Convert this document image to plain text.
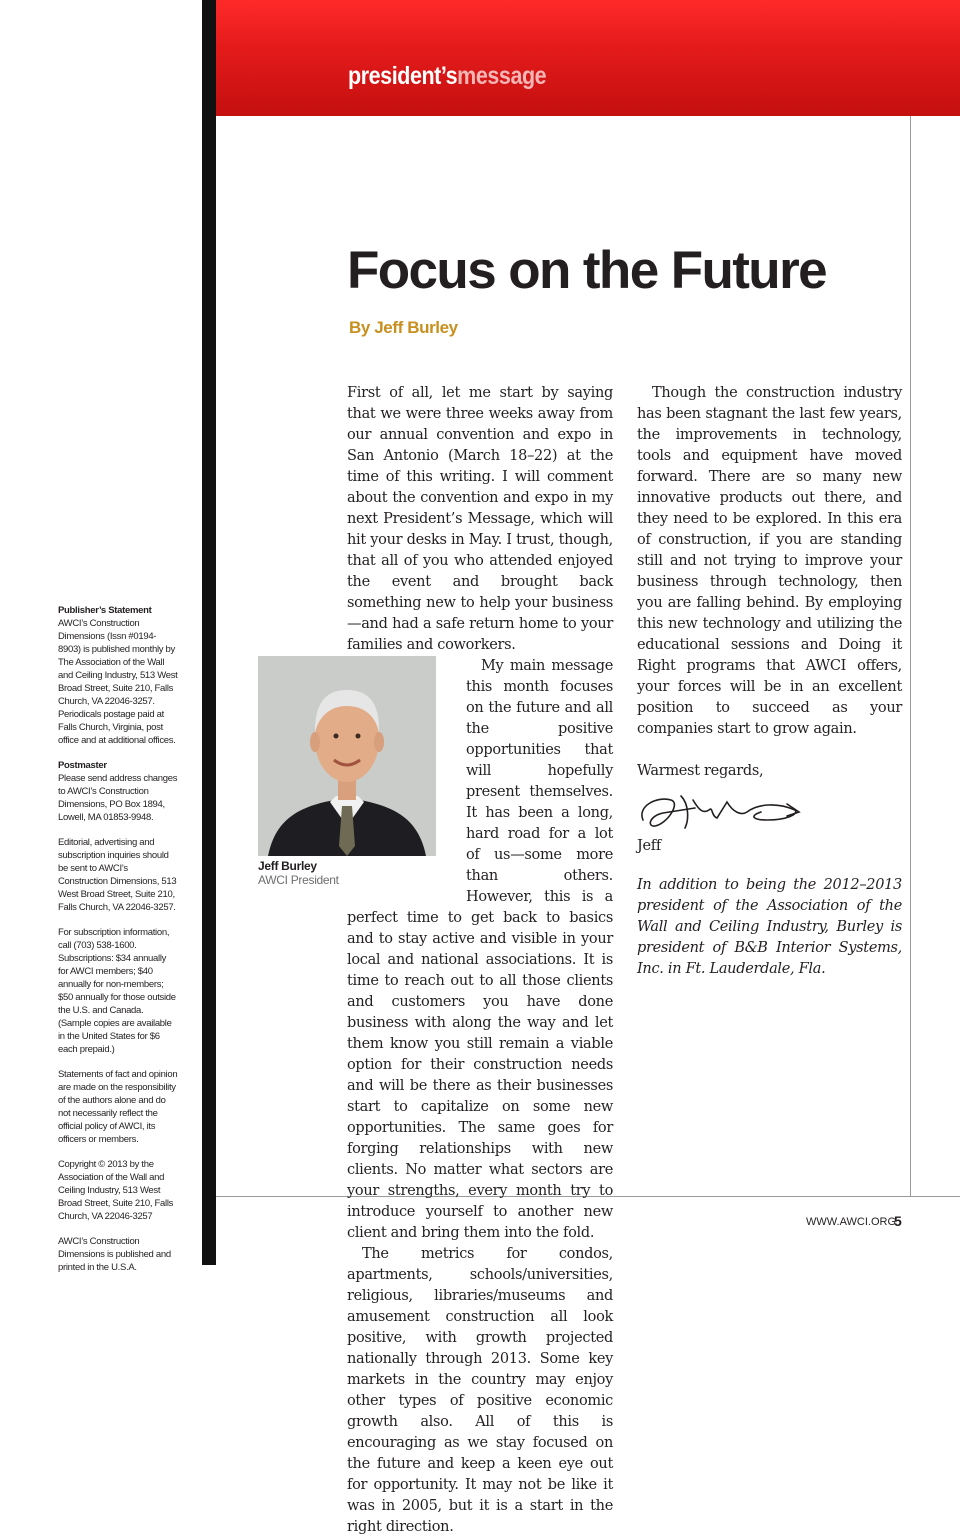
president’smessage
Focus on the Future
By Jeff Burley

Publisher’s Statement
AWCI’s Construction Dimensions (Issn #0194-8903) is published monthly by The Association of the Wall and Ceiling Industry, 513 West Broad Street, Suite 210, Falls Church, VA 22046-3257. Periodicals postage paid at Falls Church, Virginia, post office and at additional offices.

Postmaster
Please send address changes to AWCI’s Construction Dimensions, PO Box 1894, Lowell, MA 01853-9948.

Editorial, advertising and subscription inquiries should be sent to AWCI’s Construction Dimensions, 513 West Broad Street, Suite 210, Falls Church, VA 22046-3257.

For subscription information, call (703) 538-1600. Subscriptions: $34 annually for AWCI members; $40 annually for non-members; $50 annually for those outside the U.S. and Canada. (Sample copies are available in the United States for $6 each prepaid.)

Statements of fact and opinion are made on the responsibility of the authors alone and do not necessarily reflect the official policy of AWCI, its officers or members.

Copyright © 2013 by the Association of the Wall and Ceiling Industry, 513 West Broad Street, Suite 210, Falls Church, VA 22046-3257

AWCI’s Construction Dimensions is published and printed in the U.S.A.

First of all, let me start by saying that we were three weeks away from our annual convention and expo in San Antonio (March 18–22) at the time of this writing. I will comment about the convention and expo in my next President’s Message, which will hit your desks in May. I trust, though, that all of you who attended enjoyed the event and brought back something new to help your business—and had a safe return home to your families and coworkers.

Jeff Burley

AWCI President

My main message this month focuses on the future and all the positive opportunities that will hopefully present themselves. It has been a long, hard road for a lot of us—some more than others. However, this is a perfect time to get back to basics and to stay active and visible in your local and national associations. It is time to reach out to all those clients and customers you have done business with along the way and let them know you still remain a viable option for their construction needs and will be there as their businesses start to capitalize on some new opportunities. The same goes for forging relationships with new clients. No matter what sectors are your strengths, every month try to introduce yourself to another new client and bring them into the fold.

The metrics for condos, apartments, schools/universities, religious, libraries/museums and amusement construction all look positive, with growth projected nationally through 2013. Some key markets in the country may enjoy other types of positive economic growth also. All of this is encouraging as we stay focused on the future and keep a keen eye out for opportunity. It may not be like it was in 2005, but it is a start in the right direction.

Though the construction industry has been stagnant the last few years, the improvements in technology, tools and equipment have moved forward. There are so many new innovative products out there, and they need to be explored. In this era of construction, if you are standing still and not trying to improve your business through technology, then you are falling behind. By employing this new technology and utilizing the educational sessions and Doing it Right programs that AWCI offers, your forces will be in an excellent position to succeed as your companies start to grow again.

Warmest regards,

Jeff

In addition to being the 2012–2013 president of the Association of the Wall and Ceiling Industry, Burley is president of B&B Interior Systems, Inc. in Ft. Lauderdale, Fla.

WWW.AWCI.ORG
5
